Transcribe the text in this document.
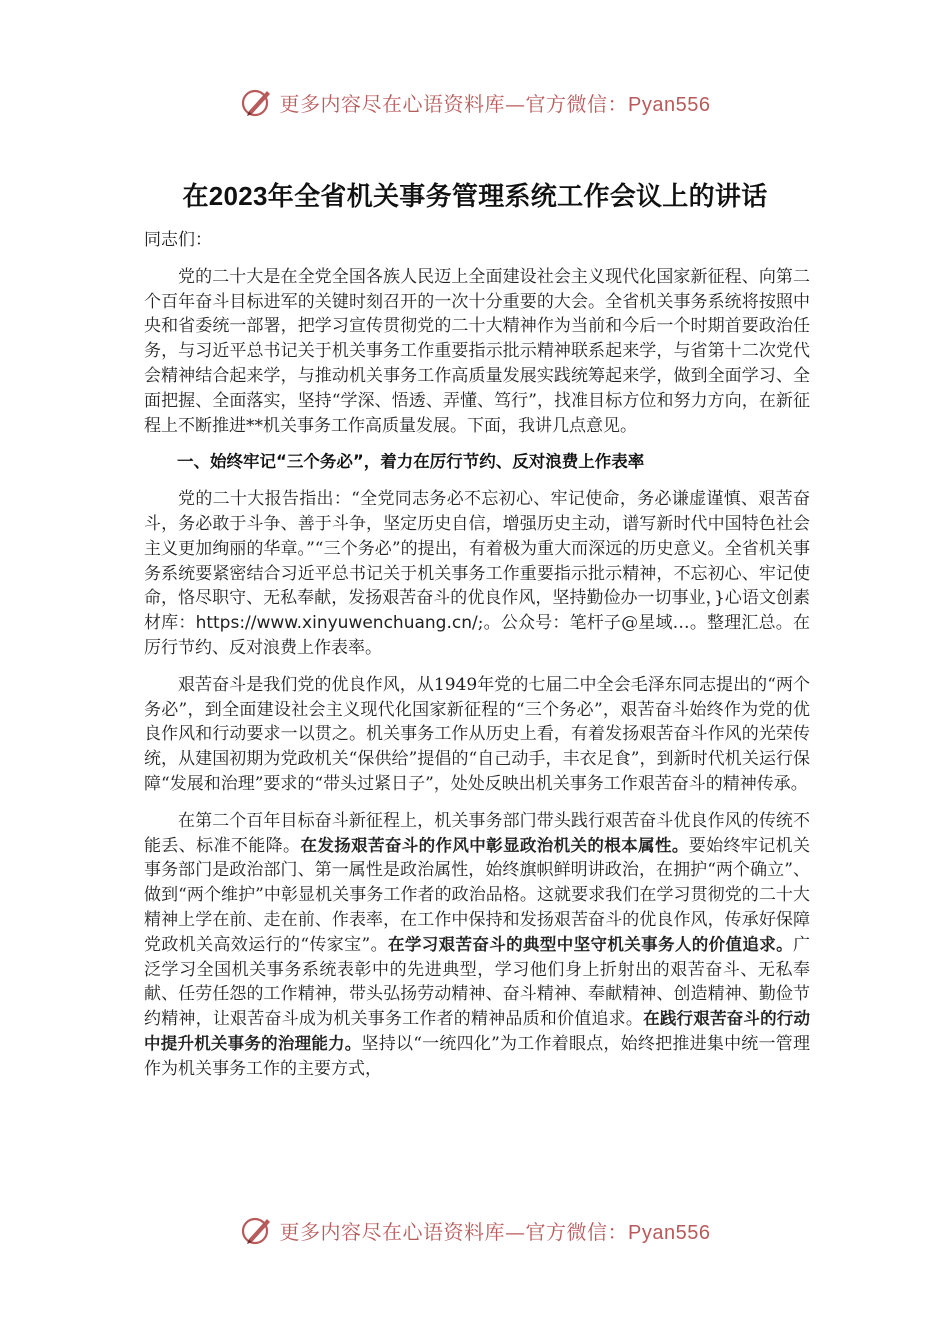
更多内容尽在心语资料库—官方微信：Pyan556
在2023年全省机关事务管理系统工作会议上的讲话

同志们：

党的二十大是在全党全国各族人民迈上全面建设社会主义现代化国家新征程、向第二个百年奋斗目标进军的关键时刻召开的一次十分重要的大会。全省机关事务系统将按照中央和省委统一部署，把学习宣传贯彻党的二十大精神作为当前和今后一个时期首要政治任务，与习近平总书记关于机关事务工作重要指示批示精神联系起来学，与省第十二次党代会精神结合起来学，与推动机关事务工作高质量发展实践统筹起来学，做到全面学习、全面把握、全面落实，坚持“学深、悟透、弄懂、笃行”，找准目标方位和努力方向，在新征程上不断推进**机关事务工作高质量发展。下面，我讲几点意见。

一、始终牢记“三个务必”，着力在厉行节约、反对浪费上作表率

党的二十大报告指出：“全党同志务必不忘初心、牢记使命，务必谦虚谨慎、艰苦奋斗，务必敢于斗争、善于斗争，坚定历史自信，增强历史主动，谱写新时代中国特色社会主义更加绚丽的华章。”“三个务必”的提出，有着极为重大而深远的历史意义。全省机关事务系统要紧密结合习近平总书记关于机关事务工作重要指示批示精神，不忘初心、牢记使命，恪尽职守、无私奉献，发扬艰苦奋斗的优良作风，坚持勤俭办一切事业，}心语文创素材库：https://www.xinyuwenchuang.cn/;。公众号：笔杆子@星域…。整理汇总。在厉行节约、反对浪费上作表率。

艰苦奋斗是我们党的优良作风，从1949年党的七届二中全会毛泽东同志提出的“两个务必”，到全面建设社会主义现代化国家新征程的“三个务必”，艰苦奋斗始终作为党的优良作风和行动要求一以贯之。机关事务工作从历史上看，有着发扬艰苦奋斗作风的光荣传统，从建国初期为党政机关“保供给”提倡的“自己动手，丰衣足食”，到新时代机关运行保障“发展和治理”要求的“带头过紧日子”，处处反映出机关事务工作艰苦奋斗的精神传承。

在第二个百年目标奋斗新征程上，机关事务部门带头践行艰苦奋斗优良作风的传统不能丢、标准不能降。在发扬艰苦奋斗的作风中彰显政治机关的根本属性。要始终牢记机关事务部门是政治部门、第一属性是政治属性，始终旗帜鲜明讲政治，在拥护“两个确立”、做到“两个维护”中彰显机关事务工作者的政治品格。这就要求我们在学习贯彻党的二十大精神上学在前、走在前、作表率，在工作中保持和发扬艰苦奋斗的优良作风，传承好保障党政机关高效运行的“传家宝”。在学习艰苦奋斗的典型中坚守机关事务人的价值追求。广泛学习全国机关事务系统表彰中的先进典型，学习他们身上折射出的艰苦奋斗、无私奉献、任劳任怨的工作精神，带头弘扬劳动精神、奋斗精神、奉献精神、创造精神、勤俭节约精神，让艰苦奋斗成为机关事务工作者的精神品质和价值追求。在践行艰苦奋斗的行动中提升机关事务的治理能力。坚持以“一统四化”为工作着眼点，始终把推进集中统一管理作为机关事务工作的主要方式，

更多内容尽在心语资料库—官方微信：Pyan556
